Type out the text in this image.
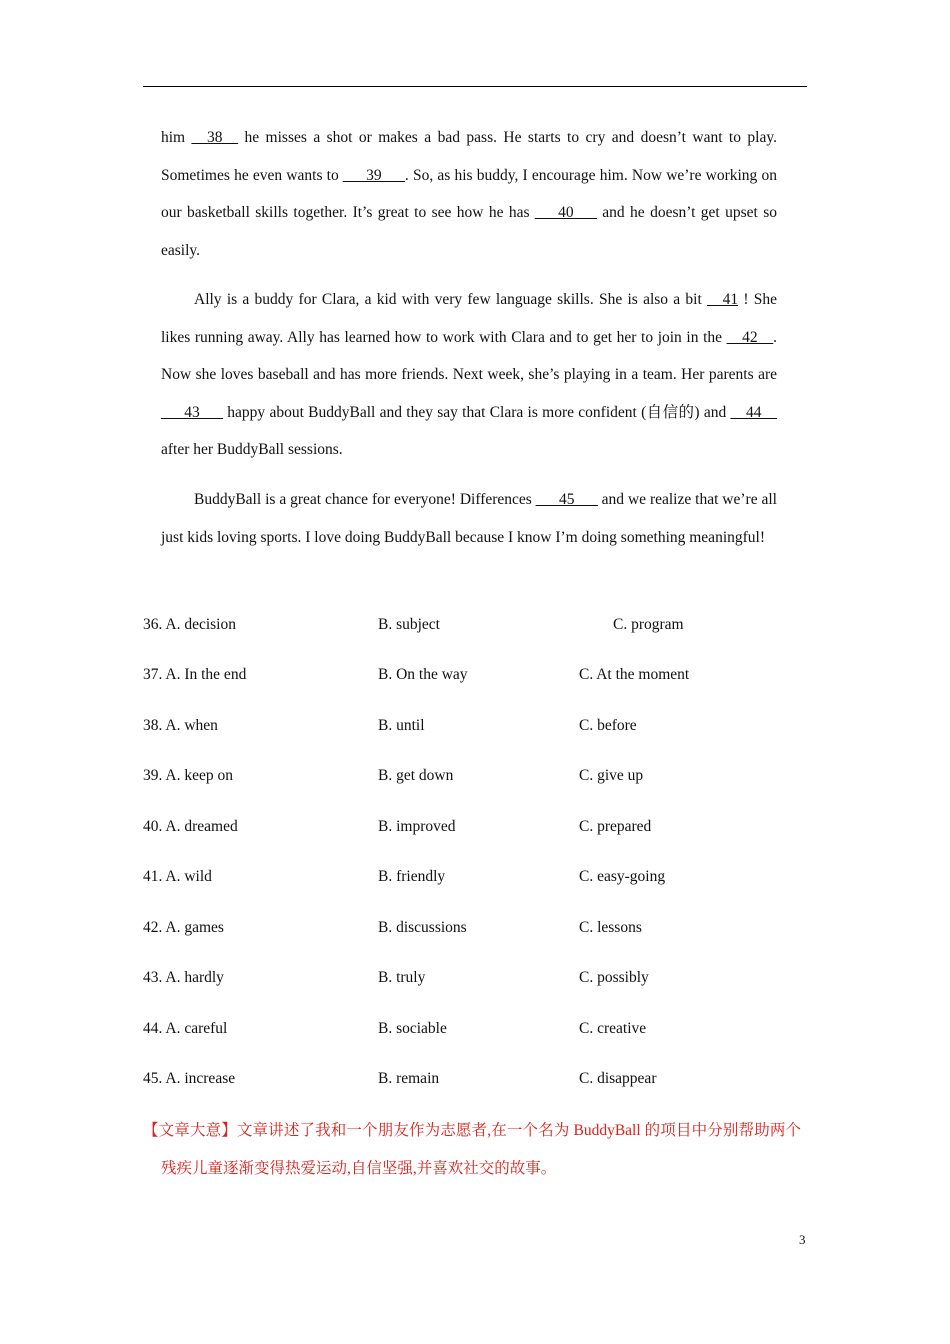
him __38__ he misses a shot or makes a bad pass. He starts to cry and doesn’t want to play. Sometimes he even wants to ___39___. So, as his buddy, I encourage him. Now we’re working on our basketball skills together. It’s great to see how he has ___40___ and he doesn’t get upset so easily.

Ally is a buddy for Clara, a kid with very few language skills. She is also a bit __41 ! She likes running away. Ally has learned how to work with Clara and to get her to join in the __42__. Now she loves baseball and has more friends. Next week, she’s playing in a team. Her parents are ___43___ happy about BuddyBall and they say that Clara is more confident (自信的) and __44__ after her BuddyBall sessions.

BuddyBall is a great chance for everyone! Differences ___45___ and we realize that we’re all just kids loving sports. I love doing BuddyBall because I know I’m doing something meaningful!

36. A. decision	B. subject	C. program
37. A. In the end	B. On the way	C. At the moment
38. A. when	B. until	C. before
39. A. keep on	B. get down	C. give up
40. A. dreamed	B. improved	C. prepared
41. A. wild	B. friendly	C. easy-going
42. A. games	B. discussions	C. lessons
43. A. hardly	B. truly	C. possibly
44. A. careful	B. sociable	C. creative
45. A. increase	B. remain	C. disappear

【文章大意】文章讲述了我和一个朋友作为志愿者,在一个名为 BuddyBall 的项目中分别帮助两个残疾儿童逐渐变得热爱运动,自信坚强,并喜欢社交的故事。

3
